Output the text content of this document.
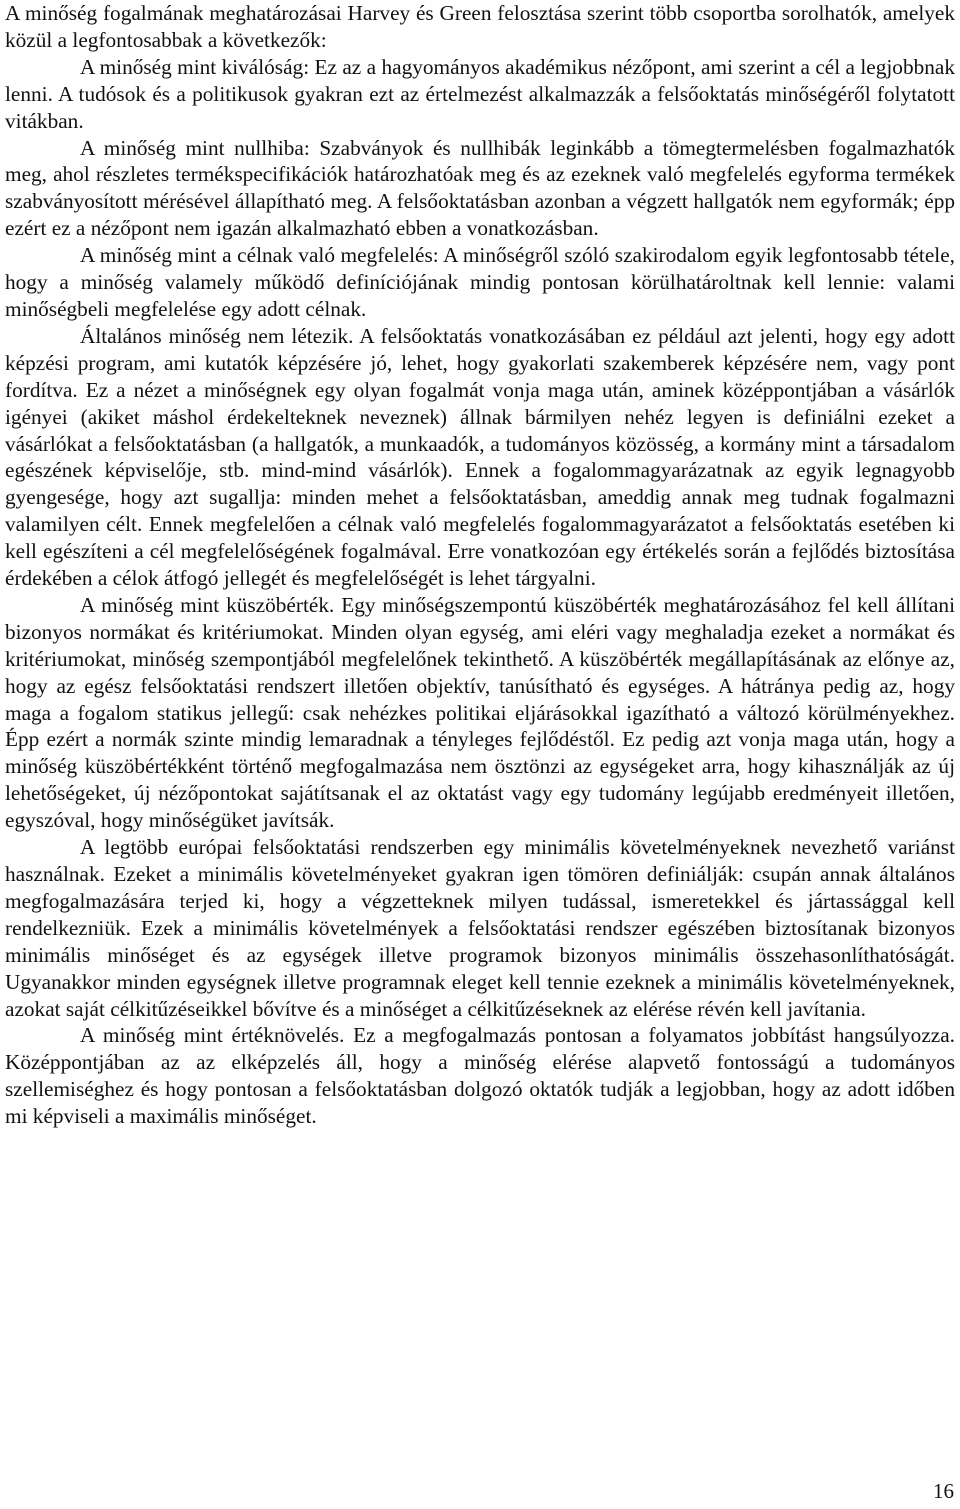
A minőség fogalmának meghatározásai Harvey és Green felosztása szerint több csoportba sorolhatók, amelyek közül a legfontosabbak a következők:

A minőség mint kiválóság: Ez az a hagyományos akadémikus nézőpont, ami szerint a cél a legjobbnak lenni. A tudósok és a politikusok gyakran ezt az értelmezést alkalmazzák a felsőoktatás minőségéről folytatott vitákban.

A minőség mint nullhiba: Szabványok és nullhibák leginkább a tömegtermelésben fogalmazhatók meg, ahol részletes termékspecifikációk határozhatóak meg és az ezeknek való megfelelés egyforma termékek szabványosított mérésével állapítható meg. A felsőoktatásban azonban a végzett hallgatók nem egyformák; épp ezért ez a nézőpont nem igazán alkalmazható ebben a vonatkozásban.

A minőség mint a célnak való megfelelés: A minőségről szóló szakirodalom egyik legfontosabb tétele, hogy a minőség valamely működő definíciójának mindig pontosan körülhatároltnak kell lennie: valami minőségbeli megfelelése egy adott célnak.

Általános minőség nem létezik. A felsőoktatás vonatkozásában ez például azt jelenti, hogy egy adott képzési program, ami kutatók képzésére jó, lehet, hogy gyakorlati szakemberek képzésére nem, vagy pont fordítva. Ez a nézet a minőségnek egy olyan fogalmát vonja maga után, aminek középpontjában a vásárlók igényei (akiket máshol érdekelteknek neveznek) állnak bármilyen nehéz legyen is definiálni ezeket a vásárlókat a felsőoktatásban (a hallgatók, a munkaadók, a tudományos közösség, a kormány mint a társadalom egészének képviselője, stb. mind-mind vásárlók). Ennek a fogalommagyarázatnak az egyik legnagyobb gyengesége, hogy azt sugallja: minden mehet a felsőoktatásban, ameddig annak meg tudnak fogalmazni valamilyen célt. Ennek megfelelően a célnak való megfelelés fogalommagyarázatot a felsőoktatás esetében ki kell egészíteni a cél megfelelőségének fogalmával. Erre vonatkozóan egy értékelés során a fejlődés biztosítása érdekében a célok átfogó jellegét és megfelelőségét is lehet tárgyalni.

A minőség mint küszöbérték. Egy minőségszempontú küszöbérték meghatározásához fel kell állítani bizonyos normákat és kritériumokat. Minden olyan egység, ami eléri vagy meghaladja ezeket a normákat és kritériumokat, minőség szempontjából megfelelőnek tekinthető. A küszöbérték megállapításának az előnye az, hogy az egész felsőoktatási rendszert illetően objektív, tanúsítható és egységes. A hátránya pedig az, hogy maga a fogalom statikus jellegű: csak nehézkes politikai eljárásokkal igazítható a változó körülményekhez. Épp ezért a normák szinte mindig lemaradnak a tényleges fejlődéstől. Ez pedig azt vonja maga után, hogy a minőség küszöbértékként történő megfogalmazása nem ösztönzi az egységeket arra, hogy kihasználják az új lehetőségeket, új nézőpontokat sajátítsanak el az oktatást vagy egy tudomány legújabb eredményeit illetően, egyszóval, hogy minőségüket javítsák.

A legtöbb európai felsőoktatási rendszerben egy minimális követelményeknek nevezhető variánst használnak. Ezeket a minimális követelményeket gyakran igen tömören definiálják: csupán annak általános megfogalmazására terjed ki, hogy a végzetteknek milyen tudással, ismeretekkel és jártassággal kell rendelkezniük. Ezek a minimális követelmények a felsőoktatási rendszer egészében biztosítanak bizonyos minimális minőséget és az egységek illetve programok bizonyos minimális összehasonlíthatóságát. Ugyanakkor minden egységnek illetve programnak eleget kell tennie ezeknek a minimális követelményeknek, azokat saját célkitűzéseikkel bővítve és a minőséget a célkitűzéseknek az elérése révén kell javítania.

A minőség mint értéknövelés. Ez a megfogalmazás pontosan a folyamatos jobbítást hangsúlyozza. Középpontjában az az elképzelés áll, hogy a minőség elérése alapvető fontosságú a tudományos szellemiséghez és hogy pontosan a felsőoktatásban dolgozó oktatók tudják a legjobban, hogy az adott időben mi képviseli a maximális minőséget.

16
